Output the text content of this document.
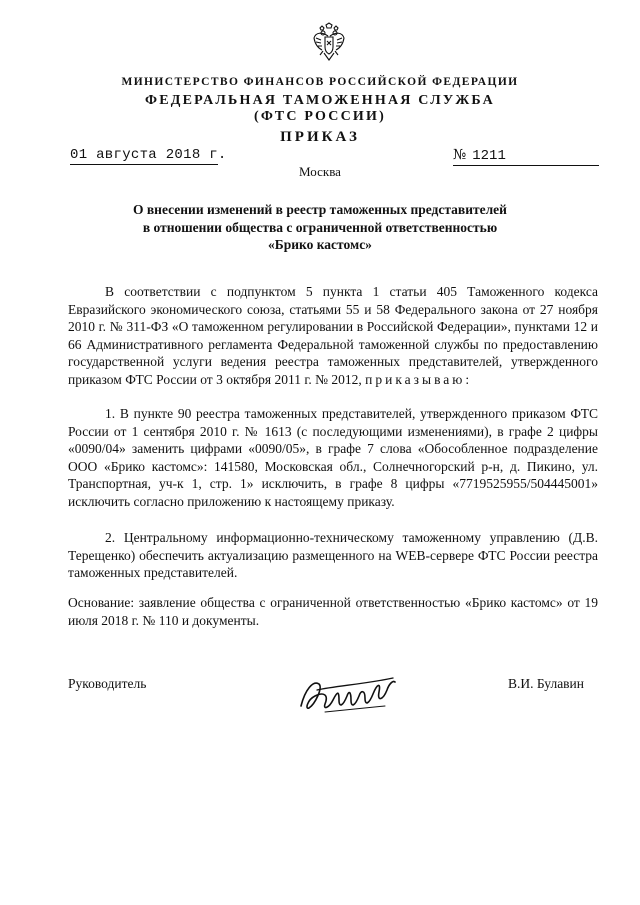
МИНИСТЕРСТВО ФИНАНСОВ РОССИЙСКОЙ ФЕДЕРАЦИИ
ФЕДЕРАЛЬНАЯ ТАМОЖЕННАЯ СЛУЖБА
(ФТС РОССИИ)
ПРИКАЗ
01 августа 2018 г.	№ 1211
Москва
О внесении изменений в реестр таможенных представителей
в отношении общества с ограниченной ответственностью
«Брико кастомс»
В соответствии с подпунктом 5 пункта 1 статьи 405 Таможенного кодекса Евразийского экономического союза, статьями 55 и 58 Федерального закона от 27 ноября 2010 г. № 311-ФЗ «О таможенном регулировании в Российской Федерации», пунктами 12 и 66 Административного регламента Федеральной таможенной службы по предоставлению государственной услуги ведения реестра таможенных представителей, утвержденного приказом ФТС России от 3 октября 2011 г. № 2012, приказываю:
1. В пункте 90 реестра таможенных представителей, утвержденного приказом ФТС России от 1 сентября 2010 г. № 1613 (с последующими изменениями), в графе 2 цифры «0090/04» заменить цифрами «0090/05», в графе 7 слова «Обособленное подразделение ООО «Брико кастомс»: 141580, Московская обл., Солнечногорский р-н, д. Пикино, ул. Транспортная, уч-к 1, стр. 1» исключить, в графе 8 цифры «7719525955/504445001» исключить согласно приложению к настоящему приказу.
2. Центральному информационно-техническому таможенному управлению (Д.В. Терещенко) обеспечить актуализацию размещенного на WEB-сервере ФТС России реестра таможенных представителей.
Основание: заявление общества с ограниченной ответственностью «Брико кастомс» от 19 июля 2018 г. № 110 и документы.
Руководитель	В.И. Булавин
